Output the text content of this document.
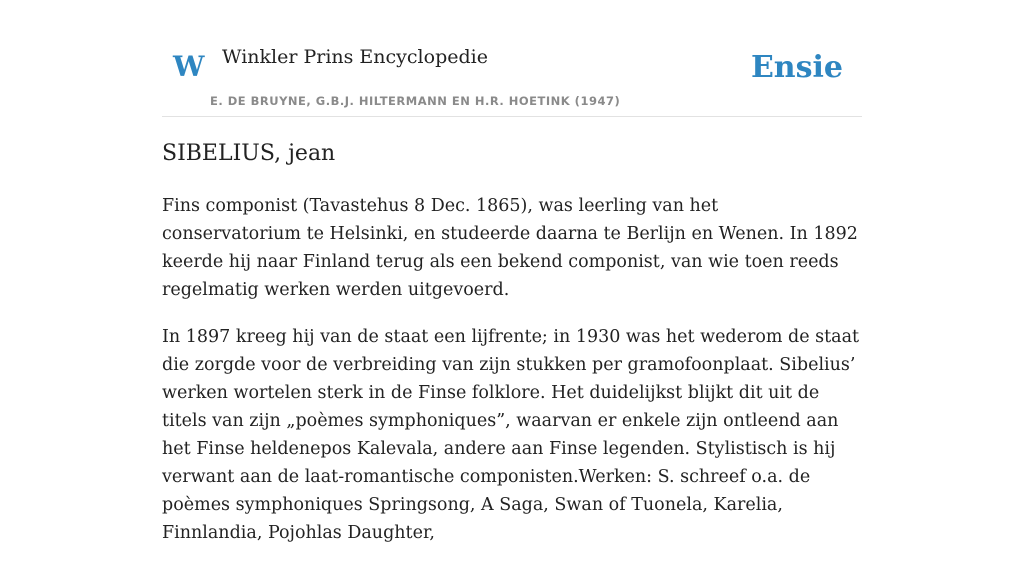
W Winkler Prins Encyclopedie
E. DE BRUYNE, G.B.J. HILTERMANN EN H.R. HOETINK (1947)
Ensie
SIBELIUS, jean

Fins componist (Tavastehus 8 Dec. 1865), was leerling van het conservatorium te Helsinki, en studeerde daarna te Berlijn en Wenen. In 1892 keerde hij naar Finland terug als een bekend componist, van wie toen reeds regelmatig werken werden uitgevoerd.

In 1897 kreeg hij van de staat een lijfrente; in 1930 was het wederom de staat die zorgde voor de verbreiding van zijn stukken per gramofoonplaat. Sibelius’ werken wortelen sterk in de Finse folklore. Het duidelijkst blijkt dit uit de titels van zijn „poèmes symphoniques”, waarvan er enkele zijn ontleend aan het Finse heldenepos Kalevala, andere aan Finse legenden. Stylistisch is hij verwant aan de laat-romantische componisten.Werken: S. schreef o.a. de poèmes symphoniques Springsong, A Saga, Swan of Tuonela, Karelia, Finnlandia, Pojohlas Daughter,
